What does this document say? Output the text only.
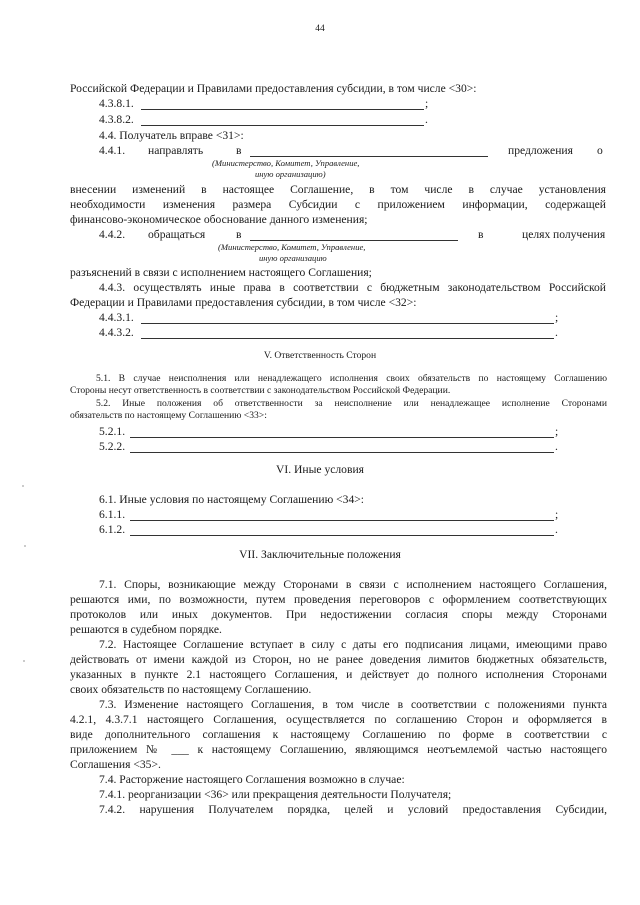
44
Российской Федерации и Правилами предоставления субсидии, в том числе <30>:
4.3.8.1.	;
4.3.8.2.	.
4.4. Получатель вправе <31>:
4.4.1. направлять	в	предложения о
(Министерство, Комитет, Управление,
иную организацию)
внесении изменений в настоящее Соглашение, в том числе в случае установления
необходимости изменения размера Субсидии с приложением информации, содержащей
финансово-экономическое обоснование данного изменения;
4.4.2. обращаться	в	в	целях получения
(Министерство, Комитет, Управление,
иную организацию
разъяснений в связи с исполнением настоящего Соглашения;
4.4.3. осуществлять иные права в соответствии с бюджетным законодательством Российской
Федерации и Правилами предоставления субсидии, в том числе <32>:
4.4.3.1.	;
4.4.3.2.	.
V. Ответственность Сторон
5.1. В случае неисполнения или ненадлежащего исполнения своих обязательств по настоящему Соглашению
Стороны несут ответственность в соответствии с законодательством Российской Федерации.
5.2. Иные положения об ответственности за неисполнение или ненадлежащее исполнение Сторонами
обязательств по настоящему Соглашению <33>:
5.2.1.	;
5.2.2.	.
VI. Иные условия
6.1. Иные условия по настоящему Соглашению <34>:
6.1.1.	;
6.1.2.	.
VII. Заключительные положения
7.1. Споры, возникающие между Сторонами в связи с исполнением настоящего Соглашения,
решаются ими, по возможности, путем проведения переговоров с оформлением соответствующих
протоколов или иных документов. При недостижении согласия споры между Сторонами
решаются в судебном порядке.
7.2. Настоящее Соглашение вступает в силу с даты его подписания лицами, имеющими право
действовать от имени каждой из Сторон, но не ранее доведения лимитов бюджетных обязательств,
указанных в пункте 2.1 настоящего Соглашения, и действует до полного исполнения Сторонами
своих обязательств по настоящему Соглашению.
7.3. Изменение настоящего Соглашения, в том числе в соответствии с положениями пункта
4.2.1, 4.3.7.1 настоящего Соглашения, осуществляется по соглашению Сторон и оформляется в
виде дополнительного соглашения к настоящему Соглашению по форме в соответствии с
приложением № ___ к настоящему Соглашению, являющимся неотъемлемой частью настоящего
Соглашения <35>.
7.4. Расторжение настоящего Соглашения возможно в случае:
7.4.1. реорганизации <36> или прекращения деятельности Получателя;
7.4.2. нарушения Получателем порядка, целей и условий предоставления Субсидии,
